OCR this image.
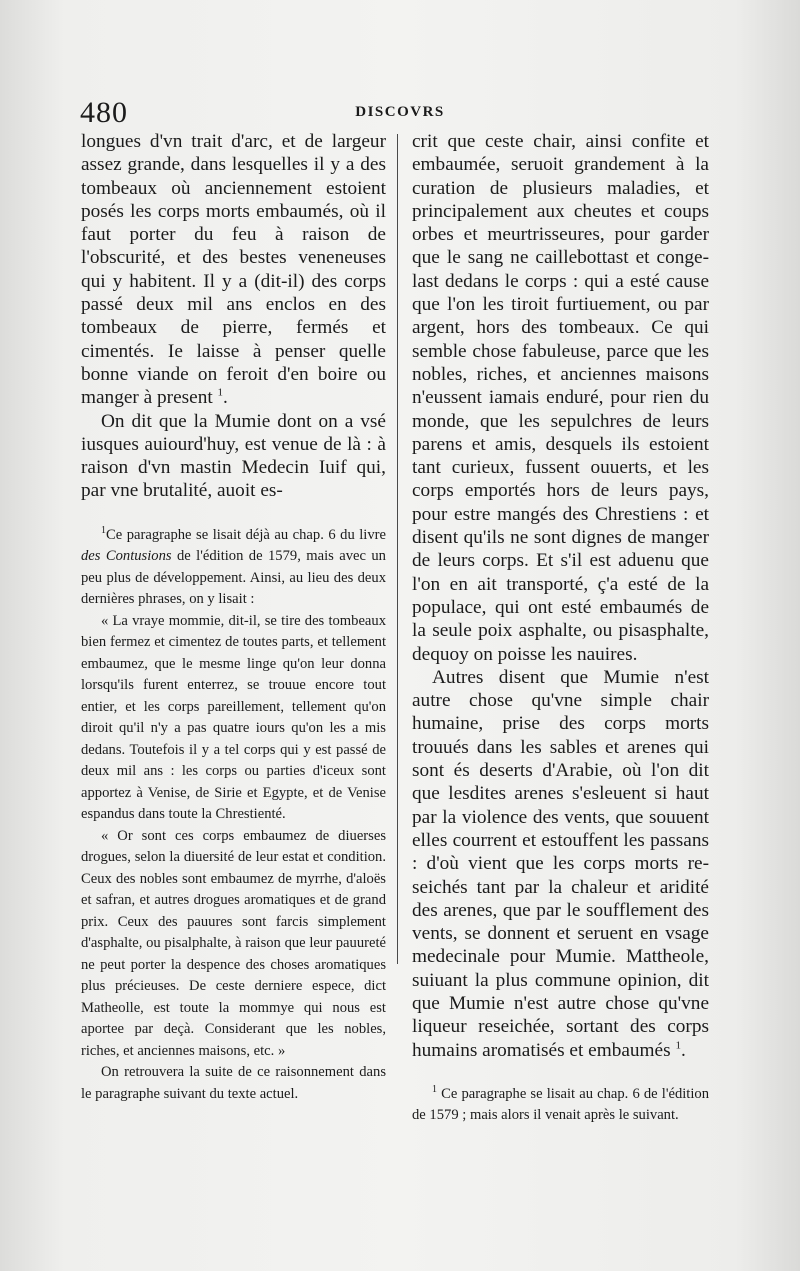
480	DISCOVRS

longues d'vn trait d'arc, et de largeur assez grande, dans lesquelles il y a des tombeaux où anciennement estoient posés les corps morts embaumés, où il faut porter du feu à raison de l'obscurité, et des bestes veneneuses qui y habitent. Il y a (dit-il) des corps passé deux mil ans enclos en des tombeaux de pierre, fermés et cimentés. Ie laisse à penser quelle bonne viande on feroit d'en boire ou manger à present $^1$.

On dit que la Mumie dont on a vsé iusques auiourd'huy, est venue de là : à raison d'vn mastin Medecin Iuif qui, par vne brutalité, auoit es-

$^1$Ce paragraphe se lisait déjà au chap. 6 du livre des Contusions de l'édition de 1579, mais avec un peu plus de développement. Ainsi, au lieu des deux dernières phrases, on y lisait :

« La vraye mommie, dit-il, se tire des tombeaux bien fermez et cimentez de toutes parts, et tellement embaumez, que le mesme linge qu'on leur donna lorsqu'ils furent enterrez, se trouue encore tout entier, et les corps pareillement, tellement qu'on diroit qu'il n'y a pas quatre iours qu'on les a mis dedans. Toutefois il y a tel corps qui y est passé de deux mil ans : les corps ou parties d'iceux sont apportez à Venise, de Sirie et Egypte, et de Venise espandus dans toute la Chrestienté.

« Or sont ces corps embaumez de diuerses drogues, selon la diuersité de leur estat et condition. Ceux des nobles sont embaumez de myrrhe, d'aloës et safran, et autres drogues aromatiques et de grand prix. Ceux des pauures sont farcis simplement d'asphalte, ou pisalphalte, à raison que leur pauureté ne peut porter la despence des choses aromatiques plus précieuses. De ceste derniere espece, dict Matheolle, est toute la mommye qui nous est aportee par deçà. Considerant que les nobles, riches, et anciennes maisons, etc. »

On retrouvera la suite de ce raisonnement dans le paragraphe suivant du texte actuel.

crit que ceste chair, ainsi confite et embaumée, seruoit grandement à la curation de plusieurs maladies, et principalement aux cheutes et coups orbes et meurtrisseures, pour garder que le sang ne caillebottast et congelast dedans le corps : qui a esté cause que l'on les tiroit furtiuement, ou par argent, hors des tombeaux. Ce qui semble chose fabuleuse, parce que les nobles, riches, et anciennes maisons n'eussent iamais enduré, pour rien du monde, que les sepulchres de leurs parens et amis, desquels ils estoient tant curieux, fussent ouuerts, et les corps emportés hors de leurs pays, pour estre mangés des Chrestiens : et disent qu'ils ne sont dignes de manger de leurs corps. Et s'il est aduenu que l'on en ait transporté, ç'a esté de la populace, qui ont esté embaumés de la seule poix asphalte, ou pisasphalte, dequoy on poisse les nauires.

Autres disent que Mumie n'est autre chose qu'vne simple chair humaine, prise des corps morts trouués dans les sables et arenes qui sont és deserts d'Arabie, où l'on dit que lesdites arenes s'esleuent si haut par la violence des vents, que souuent elles courrent et estouffent les passans : d'où vient que les corps morts reseichés tant par la chaleur et aridité des arenes, que par le soufflement des vents, se donnent et seruent en vsage medecinale pour Mumie. Mattheole, suiuant la plus commune opinion, dit que Mumie n'est autre chose qu'vne liqueur reseichée, sortant des corps humains aromatisés et embaumés $^1$.

$^1$ Ce paragraphe se lisait au chap. 6 de l'édition de 1579 ; mais alors il venait après le suivant.
